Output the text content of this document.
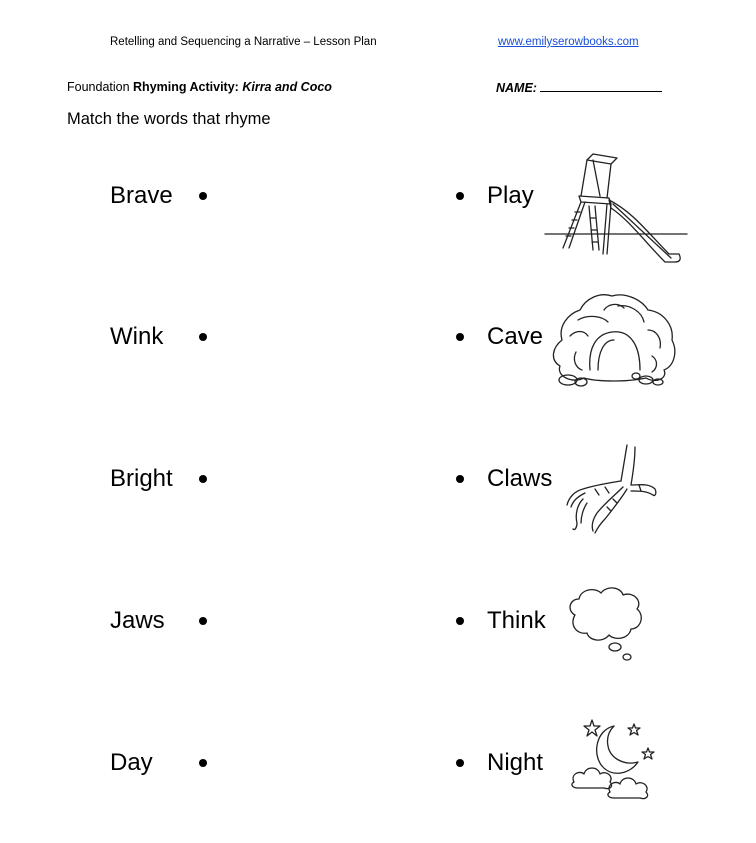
Retelling and Sequencing a Narrative – Lesson Plan	www.emilyserowbooks.com
Foundation Rhyming Activity: Kirra and Coco	NAME:
Match the words that rhyme
Brave
Wink
Bright
Jaws
Day
Play
Cave
Claws
Think
Night
